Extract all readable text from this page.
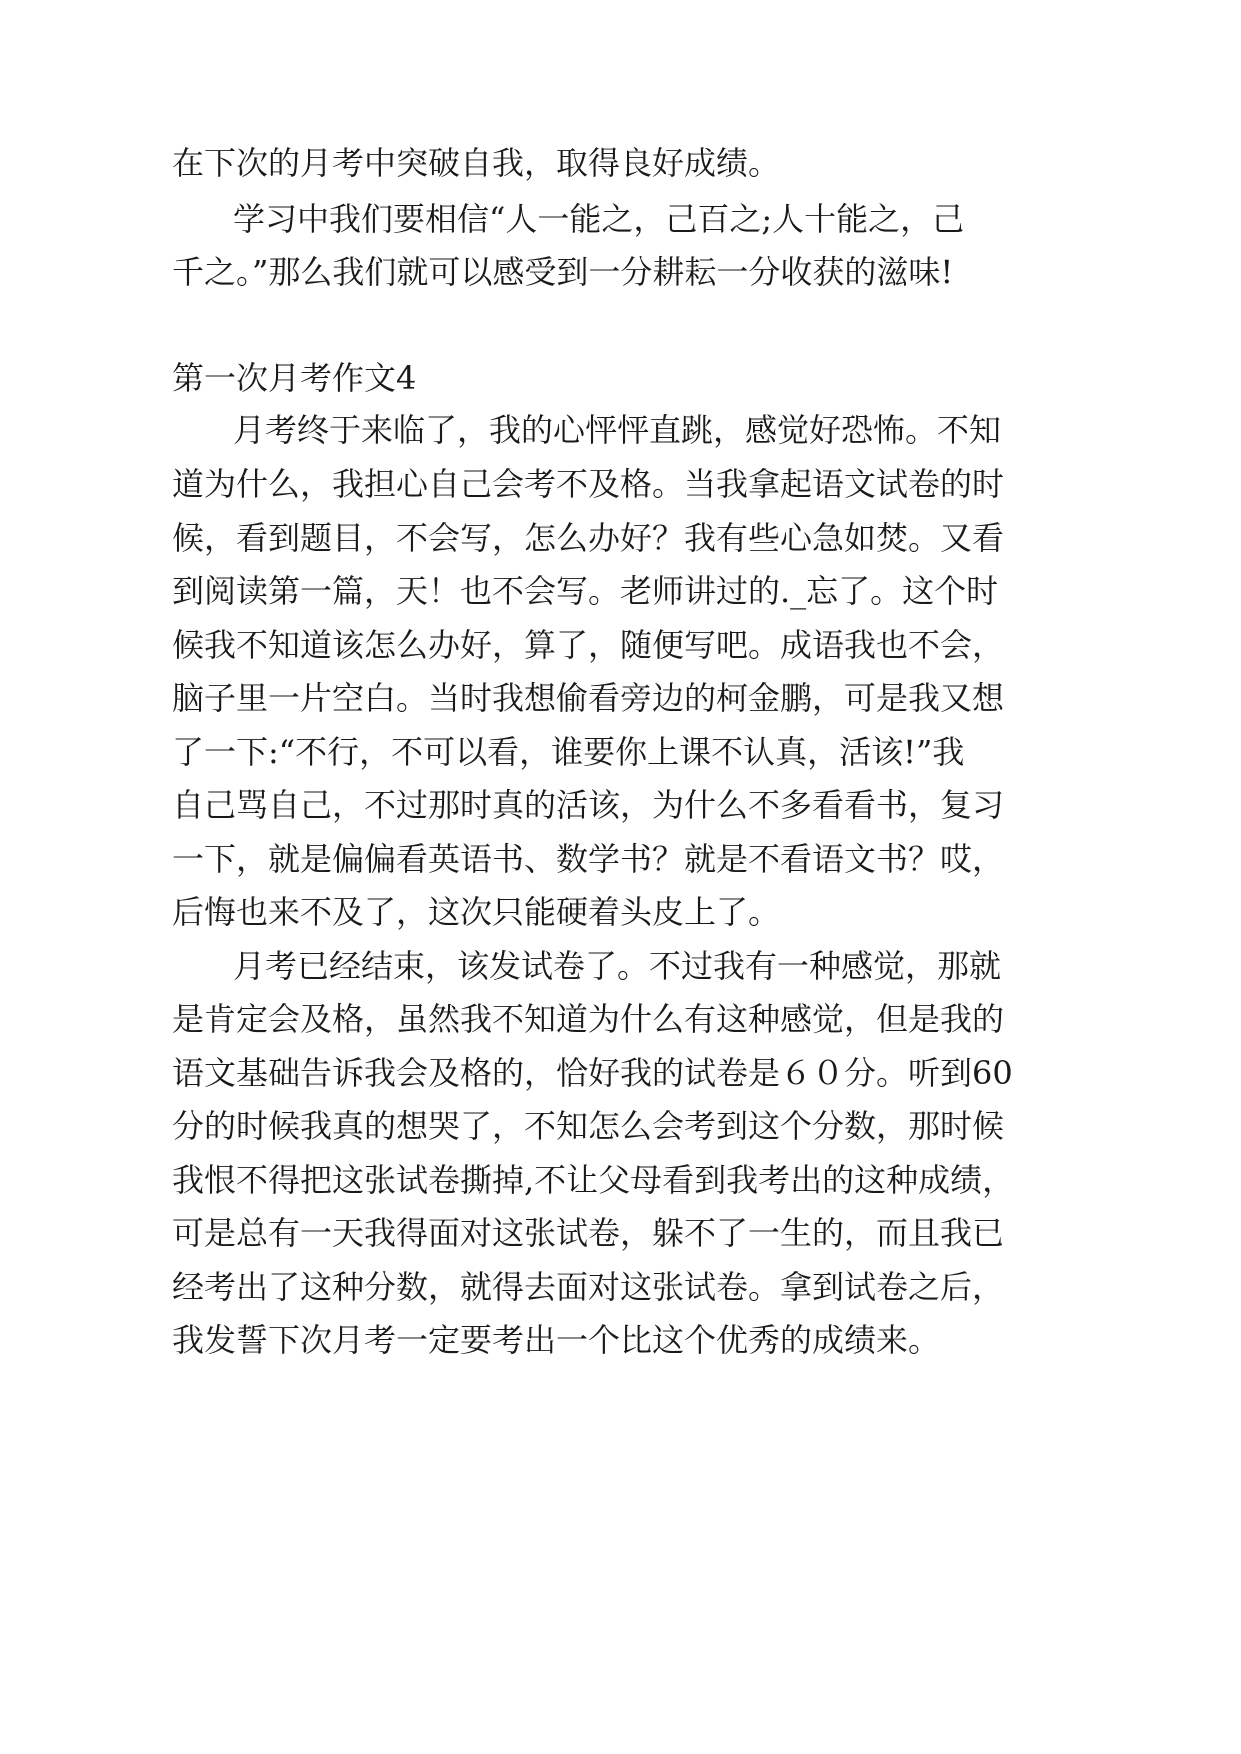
在下次的月考中突破自我，取得良好成绩。

学习中我们要相信“人一能之，己百之;人十能之，己

千之。”那么我们就可以感受到一分耕耘一分收获的滋味!

第一次月考作文4

月考终于来临了，我的心怦怦直跳，感觉好恐怖。不知

道为什么，我担心自己会考不及格。当我拿起语文试卷的时

候，看到题目，不会写，怎么办好？我有些心急如焚。又看

到阅读第一篇，天！也不会写。老师讲过的._忘了。这个时

候我不知道该怎么办好，算了，随便写吧。成语我也不会，

脑子里一片空白。当时我想偷看旁边的柯金鹏，可是我又想

了一下:“不行，不可以看，谁要你上课不认真，活该!”我

自己骂自己，不过那时真的活该，为什么不多看看书，复习

一下，就是偏偏看英语书、数学书？就是不看语文书？哎，

后悔也来不及了，这次只能硬着头皮上了。

月考已经结束，该发试卷了。不过我有一种感觉，那就

是肯定会及格，虽然我不知道为什么有这种感觉，但是我的

语文基础告诉我会及格的，恰好我的试卷是６０分。听到60

分的时候我真的想哭了，不知怎么会考到这个分数，那时候

我恨不得把这张试卷撕掉,不让父母看到我考出的这种成绩，

可是总有一天我得面对这张试卷，躲不了一生的，而且我已

经考出了这种分数，就得去面对这张试卷。拿到试卷之后，

我发誓下次月考一定要考出一个比这个优秀的成绩来。
